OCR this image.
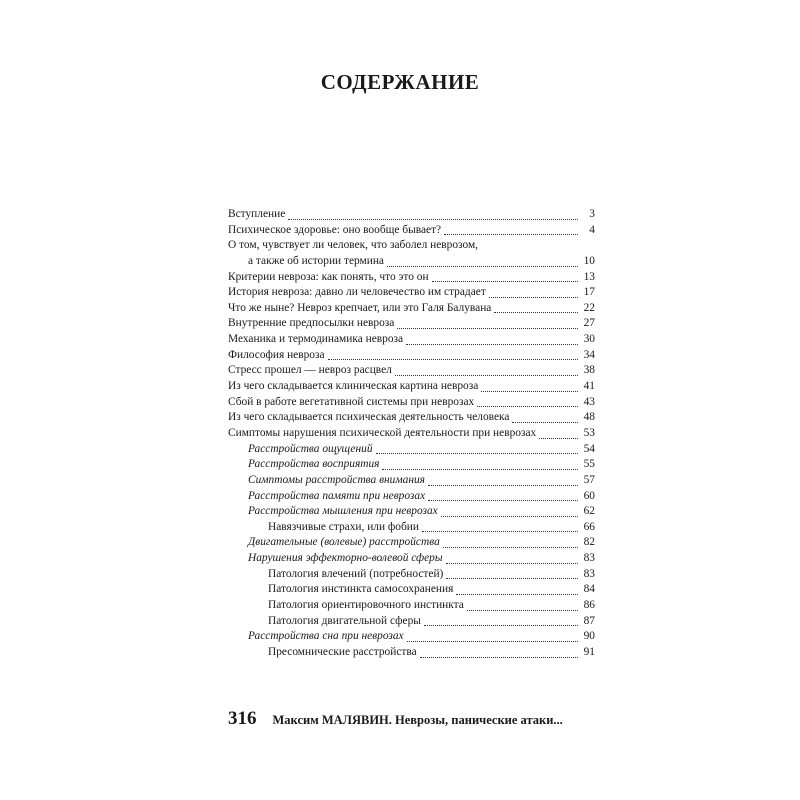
СОДЕРЖАНИЕ
Вступление	3
Психическое здоровье: оно вообще бывает?	4
О том, чувствует ли человек, что заболел неврозом,
а также об истории термина	10
Критерии невроза: как понять, что это он	13
История невроза: давно ли человечество им страдает	17
Что же ныне? Невроз крепчает, или это Галя Балувана	22
Внутренние предпосылки невроза	27
Механика и термодинамика невроза	30
Философия невроза	34
Стресс прошел — невроз расцвел	38
Из чего складывается клиническая картина невроза	41
Сбой в работе вегетативной системы при неврозах	43
Из чего складывается психическая деятельность человека	48
Симптомы нарушения психической деятельности при неврозах	53
Расстройства ощущений	54
Расстройства восприятия	55
Симптомы расстройства внимания	57
Расстройства памяти при неврозах	60
Расстройства мышления при неврозах	62
Навязчивые страхи, или фобии	66
Двигательные (волевые) расстройства	82
Нарушения эффекторно-волевой сферы	83
Патология влечений (потребностей)	83
Патология инстинкта самосохранения	84
Патология ориентировочного инстинкта	86
Патология двигательной сферы	87
Расстройства сна при неврозах	90
Пресомнические расстройства	91
316 Максим МАЛЯВИН. Неврозы, панические атаки...
